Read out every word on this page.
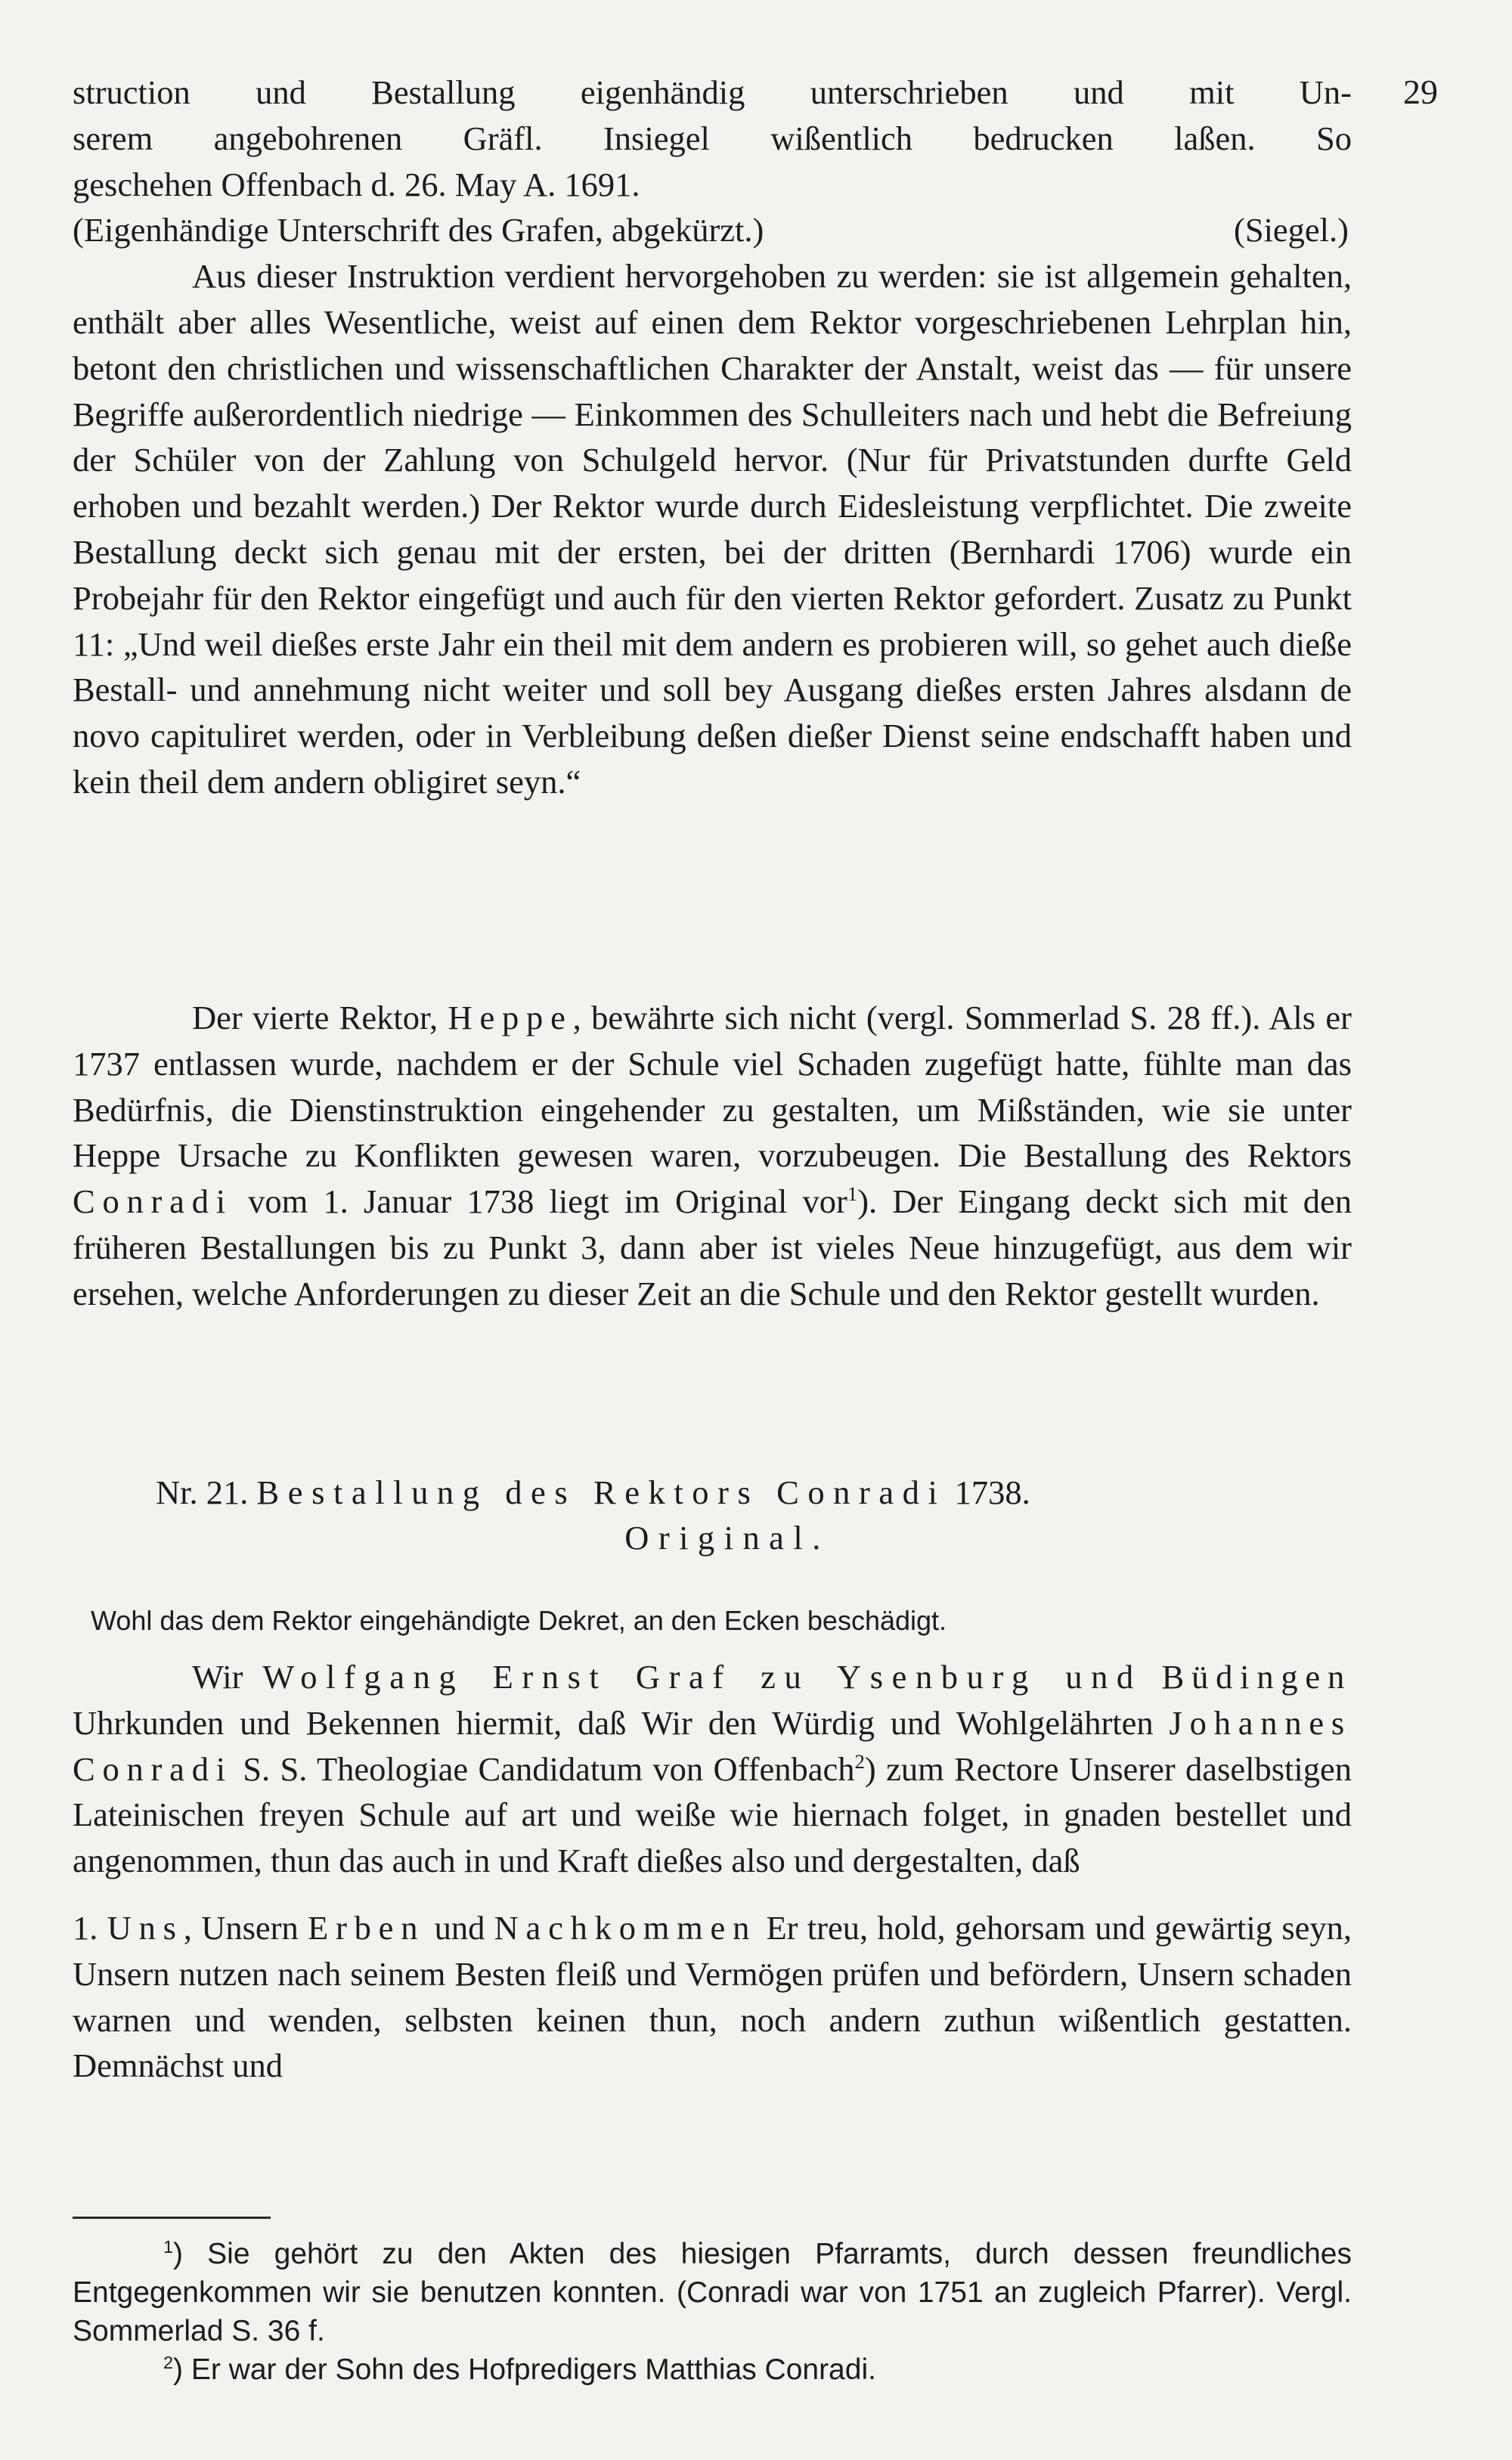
29

struction und Bestallung eigenhändig unterschrieben und mit Un-

serem angebohrenen Gräfl. Insiegel wißentlich bedrucken laßen. So

geschehen Offenbach d. 26. May A. 1691.

(Eigenhändige Unterschrift des Grafen, abgekürzt.)	(Siegel.)

Aus dieser Instruktion verdient hervorgehoben zu werden: sie ist allgemein gehalten, enthält aber alles Wesentliche, weist auf einen dem Rektor vorgeschriebenen Lehrplan hin, betont den christlichen und wissenschaftlichen Charakter der Anstalt, weist das — für unsere Begriffe außerordentlich niedrige — Einkommen des Schulleiters nach und hebt die Befreiung der Schüler von der Zahlung von Schulgeld hervor. (Nur für Privatstunden durfte Geld erhoben und bezahlt werden.) Der Rektor wurde durch Eidesleistung verpflichtet. Die zweite Bestallung deckt sich genau mit der ersten, bei der dritten (Bernhardi 1706) wurde ein Probejahr für den Rektor eingefügt und auch für den vierten Rektor gefordert. Zusatz zu Punkt 11: „Und weil dießes erste Jahr ein theil mit dem andern es probieren will, so gehet auch dieße Bestall- und annehmung nicht weiter und soll bey Ausgang dießes ersten Jahres alsdann de novo capituliret werden, oder in Verbleibung deßen dießer Dienst seine endschafft haben und kein theil dem andern obligiret seyn.“

Der vierte Rektor, Heppe, bewährte sich nicht (vergl. Sommerlad S. 28 ff.). Als er 1737 entlassen wurde, nachdem er der Schule viel Schaden zugefügt hatte, fühlte man das Bedürfnis, die Dienstinstruktion eingehender zu gestalten, um Mißständen, wie sie unter Heppe Ursache zu Konflikten gewesen waren, vorzubeugen. Die Bestallung des Rektors Conradi vom 1. Januar 1738 liegt im Original vor$^1$). Der Eingang deckt sich mit den früheren Bestallungen bis zu Punkt 3, dann aber ist vieles Neue hinzugefügt, aus dem wir ersehen, welche Anforderungen zu dieser Zeit an die Schule und den Rektor gestellt wurden.

Nr. 21. Bestallung des Rektors Conradi 1738.
Original.
Wohl das dem Rektor eingehändigte Dekret, an den Ecken beschädigt.

Wir Wolfgang Ernst Graf zu Ysenburg und Büdingen Uhrkunden und Bekennen hiermit, daß Wir den Würdig und Wohlgelährten Johannes Conradi S. S. Theologiae Candidatum von Offenbach$^2$) zum Rectore Unserer daselbstigen Lateinischen freyen Schule auf art und weiße wie hiernach folget, in gnaden bestellet und angenommen, thun das auch in und Kraft dießes also und dergestalten, daß

1. Uns, Unsern Erben und Nachkommen Er treu, hold, gehorsam und gewärtig seyn, Unsern nutzen nach seinem Besten fleiß und Vermögen prüfen und befördern, Unsern schaden warnen und wenden, selbsten keinen thun, noch andern zuthun wißentlich gestatten. Demnächst und

$^1$) Sie gehört zu den Akten des hiesigen Pfarramts, durch dessen freundliches Entgegenkommen wir sie benutzen konnten. (Conradi war von 1751 an zugleich Pfarrer). Vergl. Sommerlad S. 36 f.

$^2$) Er war der Sohn des Hofpredigers Matthias Conradi.
